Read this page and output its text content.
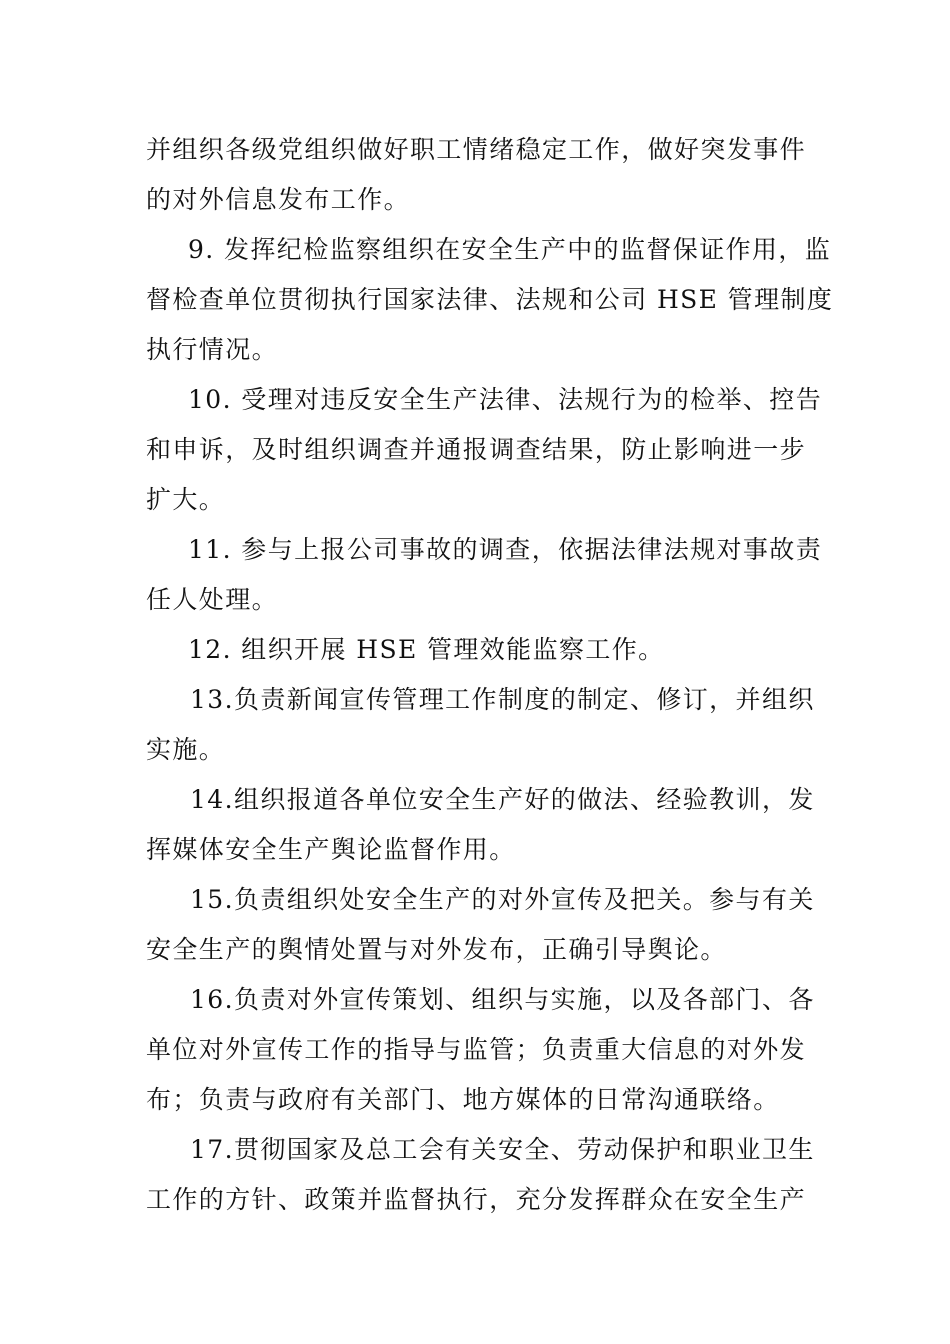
并组织各级党组织做好职工情绪稳定工作，做好突发事件

的对外信息发布工作。

9. 发挥纪检监察组织在安全生产中的监督保证作用，监

督检查单位贯彻执行国家法律、法规和公司 HSE 管理制度

执行情况。

10. 受理对违反安全生产法律、法规行为的检举、控告

和申诉，及时组织调查并通报调查结果，防止影响进一步

扩大。

11. 参与上报公司事故的调查，依据法律法规对事故责

任人处理。

12. 组织开展 HSE 管理效能监察工作。

13.负责新闻宣传管理工作制度的制定、修订，并组织

实施。

14.组织报道各单位安全生产好的做法、经验教训，发

挥媒体安全生产舆论监督作用。

15.负责组织处安全生产的对外宣传及把关。参与有关

安全生产的舆情处置与对外发布，正确引导舆论。

16.负责对外宣传策划、组织与实施，以及各部门、各

单位对外宣传工作的指导与监管；负责重大信息的对外发

布；负责与政府有关部门、地方媒体的日常沟通联络。

17.贯彻国家及总工会有关安全、劳动保护和职业卫生

工作的方针、政策并监督执行，充分发挥群众在安全生产
